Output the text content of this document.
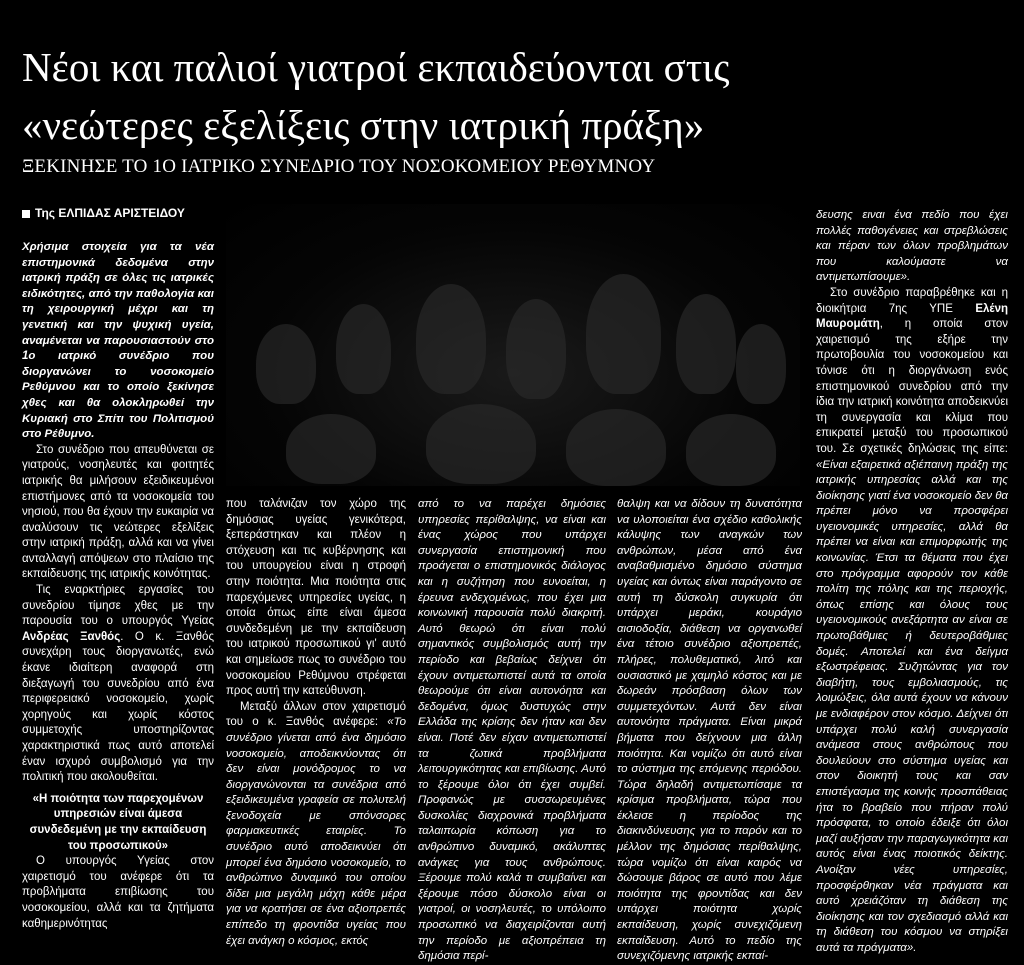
Νέοι και παλιοί γιατροί εκπαιδεύονται στις
«νεώτερες εξελίξεις στην ιατρική πράξη»
ΞΕΚΙΝΗΣΕ ΤΟ 1Ο ΙΑΤΡΙΚΟ ΣΥΝΕΔΡΙΟ ΤΟΥ ΝΟΣΟΚΟΜΕΙΟΥ ΡΕΘΥΜΝΟΥ
Της ΕΛΠΙΔΑΣ ΑΡΙΣΤΕΙΔΟΥ

Χρήσιμα στοιχεία για τα νέα επιστημονικά δεδομένα στην ιατρική πράξη σε όλες τις ιατρικές ειδικότητες, από την παθολογία και τη χειρουργική μέχρι και τη γενετική και την ψυχική υγεία, αναμένεται να παρουσιαστούν στο 1ο ιατρικό συνέδριο που διοργανώνει το νοσοκομείο Ρεθύμνου και το οποίο ξεκίνησε χθες και θα ολοκληρωθεί την Κυριακή στο Σπίτι του Πολιτισμού στο Ρέθυμνο.

Στο συνέδριο που απευθύνεται σε γιατρούς, νοσηλευτές και φοιτητές ιατρικής θα μιλήσουν εξειδικευμένοι επιστήμονες από τα νοσοκομεία του νησιού, που θα έχουν την ευκαιρία να αναλύσουν τις νεώτερες εξελίξεις στην ιατρική πράξη, αλλά και να γίνει ανταλλαγή απόψεων στο πλαίσιο της εκπαίδευσης της ιατρικής κοινότητας.

Τις εναρκτήριες εργασίες του συνεδρίου τίμησε χθες με την παρουσία του ο υπουργός Υγείας Ανδρέας Ξανθός. Ο κ. Ξανθός συνεχάρη τους διοργανωτές, ενώ έκανε ιδιαίτερη αναφορά στη διεξαγωγή του συνεδρίου από ένα περιφερειακό νοσοκομείο, χωρίς χορηγούς και χωρίς κόστος συμμετοχής υποστηρίζοντας χαρακτηριστικά πως αυτό αποτελεί έναν ισχυρό συμβολισμό για την πολιτική που ακολουθείται.

«Η ποιότητα των παρεχομένων υπηρεσιών είναι άμεσα συνδεδεμένη με την εκπαίδευση του προσωπικού»

Ο υπουργός Υγείας στον χαιρετισμό του ανέφερε ότι τα προβλήματα επιβίωσης του νοσοκομείου, αλλά και τα ζητήματα καθημερινότητας

που ταλάνιζαν τον χώρο της δημόσιας υγείας γενικότερα, ξεπεράστηκαν και πλέον η στόχευση και τις κυβέρνησης και του υπουργείου είναι η στροφή στην ποιότητα. Μια ποιότητα στις παρεχόμενες υπηρεσίες υγείας, η οποία όπως είπε είναι άμεσα συνδεδεμένη με την εκπαίδευση του ιατρικού προσωπικού γι' αυτό και σημείωσε πως το συνέδριο του νοσοκομείου Ρεθύμνου στρέφεται προς αυτή την κατεύθυνση.

Μεταξύ άλλων στον χαιρετισμό του ο κ. Ξανθός ανέφερε: «Το συνέδριο γίνεται από ένα δημόσιο νοσοκομείο, αποδεικνύοντας ότι δεν είναι μονόδρομος το να διοργανώνονται τα συνέδρια από εξειδικευμένα γραφεία σε πολυτελή ξενοδοχεία με σπόνσορες φαρμακευτικές εταιρίες. Το συνέδριο αυτό αποδεικνύει ότι μπορεί ένα δημόσιο νοσοκομείο, το ανθρώπινο δυναμικό του οποίου δίδει μια μεγάλη μάχη κάθε μέρα για να κρατήσει σε ένα αξιοπρεπές επίπεδο τη φροντίδα υγείας που έχει ανάγκη ο κόσμος, εκτός

από το να παρέχει δημόσιες υπηρεσίες περίθαλψης, να είναι και ένας χώρος που υπάρχει συνεργασία επιστημονική που προάγεται ο επιστημονικός διάλογος και η συζήτηση που ευνοείται, η έρευνα ενδεχομένως, που έχει μια κοινωνική παρουσία πολύ διακριτή. Αυτό θεωρώ ότι είναι πολύ σημαντικός συμβολισμός αυτή την περίοδο και βεβαίως δείχνει ότι έχουν αντιμετωπιστεί αυτά τα οποία θεωρούμε ότι είναι αυτονόητα και δεδομένα, όμως δυστυχώς στην Ελλάδα της κρίσης δεν ήταν και δεν είναι. Ποτέ δεν είχαν αντιμετωπιστεί τα ζωτικά προβλήματα λειτουργικότητας και επιβίωσης. Αυτό το ξέρουμε όλοι ότι έχει συμβεί. Προφανώς με συσσωρευμένες δυσκολίες διαχρονικά προβλήματα ταλαιπωρία κόπωση για το ανθρώπινο δυναμικό, ακάλυπτες ανάγκες για τους ανθρώπους. Ξέρουμε πολύ καλά τι συμβαίνει και ξέρουμε πόσο δύσκολο είναι οι γιατροί, οι νοσηλευτές, το υπόλοιπο προσωπικό να διαχειρίζονται αυτή την περίοδο με αξιοπρέπεια τη δημόσια περί-

θαλψη και να δίδουν τη δυνατότητα να υλοποιείται ένα σχέδιο καθολικής κάλυψης των αναγκών των ανθρώπων, μέσα από ένα αναβαθμισμένο δημόσιο σύστημα υγείας και όντως είναι παράγοντο σε αυτή τη δύσκολη συγκυρία ότι υπάρχει μεράκι, κουράγιο αισιοδοξία, διάθεση να οργανωθεί ένα τέτοιο συνέδριο αξιοπρεπές, πλήρες, πολυθεματικό, λιτό και ουσιαστικό με χαμηλό κόστος και με δωρεάν πρόσβαση όλων των συμμετεχόντων. Αυτά δεν είναι αυτονόητα πράγματα. Είναι μικρά βήματα που δείχνουν μια άλλη ποιότητα. Και νομίζω ότι αυτό είναι το σύστημα της επόμενης περιόδου. Τώρα δηλαδή αντιμετωπίσαμε τα κρίσιμα προβλήματα, τώρα που έκλεισε η περίοδος της διακινδύνευσης για το παρόν και το μέλλον της δημόσιας περίθαλψης, τώρα νομίζω ότι είναι καιρός να δώσουμε βάρος σε αυτό που λέμε ποιότητα της φροντίδας και δεν υπάρχει ποιότητα χωρίς εκπαίδευση, χωρίς συνεχιζόμενη εκπαίδευση. Αυτό το πεδίο της συνεχιζόμενης ιατρικής εκπαί-

δευσης ειναι ένα πεδίο που έχει πολλές παθογένειες και στρεβλώσεις και πέραν των όλων προβλημάτων που καλούμαστε να αντιμετωπίσουμε».

Στο συνέδριο παραβρέθηκε και η διοικήτρια 7ης ΥΠΕ Ελένη Μαυρομάτη, η οποία στον χαιρετισμό της εξήρε την πρωτοβουλία του νοσοκομείου και τόνισε ότι η διοργάνωση ενός επιστημονικού συνεδρίου από την ίδια την ιατρική κοινότητα αποδεικνύει τη συνεργασία και κλίμα που επικρατεί μεταξύ του προσωπικού του. Σε σχετικές δηλώσεις της είπε: «Είναι εξαιρετικά αξιέπαινη πράξη της ιατρικής υπηρεσίας αλλά και της διοίκησης γιατί ένα νοσοκομείο δεν θα πρέπει μόνο να προσφέρει υγειονομικές υπηρεσίες, αλλά θα πρέπει να είναι και επιμορφωτής της κοινωνίας. Έτσι τα θέματα που έχει στο πρόγραμμα αφορούν τον κάθε πολίτη της πόλης και της περιοχής, όπως επίσης και όλους τους υγειονομικούς ανεξάρτητα αν είναι σε πρωτοβάθμιες ή δευτεροβάθμιες δομές. Αποτελεί και ένα δείγμα εξωστρέφειας. Συζητώντας για τον διαβήτη, τους εμβολιασμούς, τις λοιμώξεις, όλα αυτά έχουν να κάνουν με ενδιαφέρον στον κόσμο. Δείχνει ότι υπάρχει πολύ καλή συνεργασία ανάμεσα στους ανθρώπους που δουλεύουν στο σύστημα υγείας και στον διοικητή τους και σαν επιστέγασμα της κοινής προσπάθειας ήτα το βραβείο που πήραν πολύ πρόσφατα, το οποίο έδειξε ότι όλοι μαζί αυξήσαν την παραγωγικότητα και αυτός είναι ένας ποιοτικός δείκτης. Ανοίξαν νέες υπηρεσίες, προσφέρθηκαν νέα πράγματα και αυτό χρειάζόταν τη διάθεση της διοίκησης και τον σχεδιασμό αλλά και τη διάθεση του κόσμου να στηρίξει αυτά τα πράγματα».
